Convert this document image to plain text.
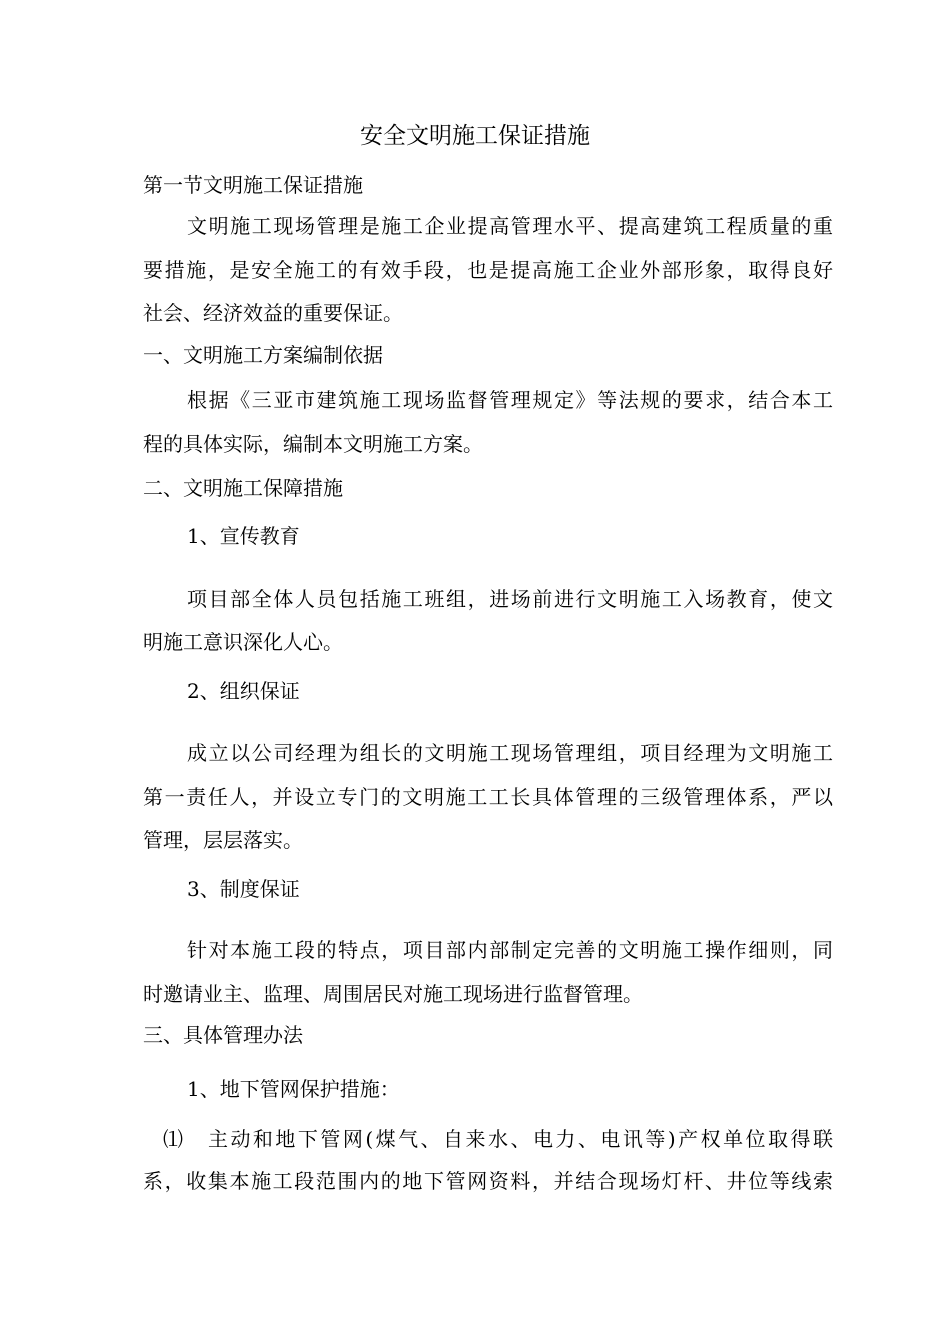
安全文明施工保证措施

第一节文明施工保证措施

文明施工现场管理是施工企业提高管理水平、提高建筑工程质量的重

要措施，是安全施工的有效手段，也是提高施工企业外部形象，取得良好

社会、经济效益的重要保证。

一、文明施工方案编制依据

根据《三亚市建筑施工现场监督管理规定》等法规的要求，结合本工

程的具体实际，编制本文明施工方案。

二、文明施工保障措施

1、宣传教育

项目部全体人员包括施工班组，进场前进行文明施工入场教育，使文

明施工意识深化人心。

2、组织保证

成立以公司经理为组长的文明施工现场管理组，项目经理为文明施工

第一责任人，并设立专门的文明施工工长具体管理的三级管理体系，严以

管理，层层落实。

3、制度保证

针对本施工段的特点，项目部内部制定完善的文明施工操作细则，同

时邀请业主、监理、周围居民对施工现场进行监督管理。

三、具体管理办法

1、地下管网保护措施：

⑴　主动和地下管网(煤气、自来水、电力、电讯等)产权单位取得联

系，收集本施工段范围内的地下管网资料，并结合现场灯杆、井位等线索
